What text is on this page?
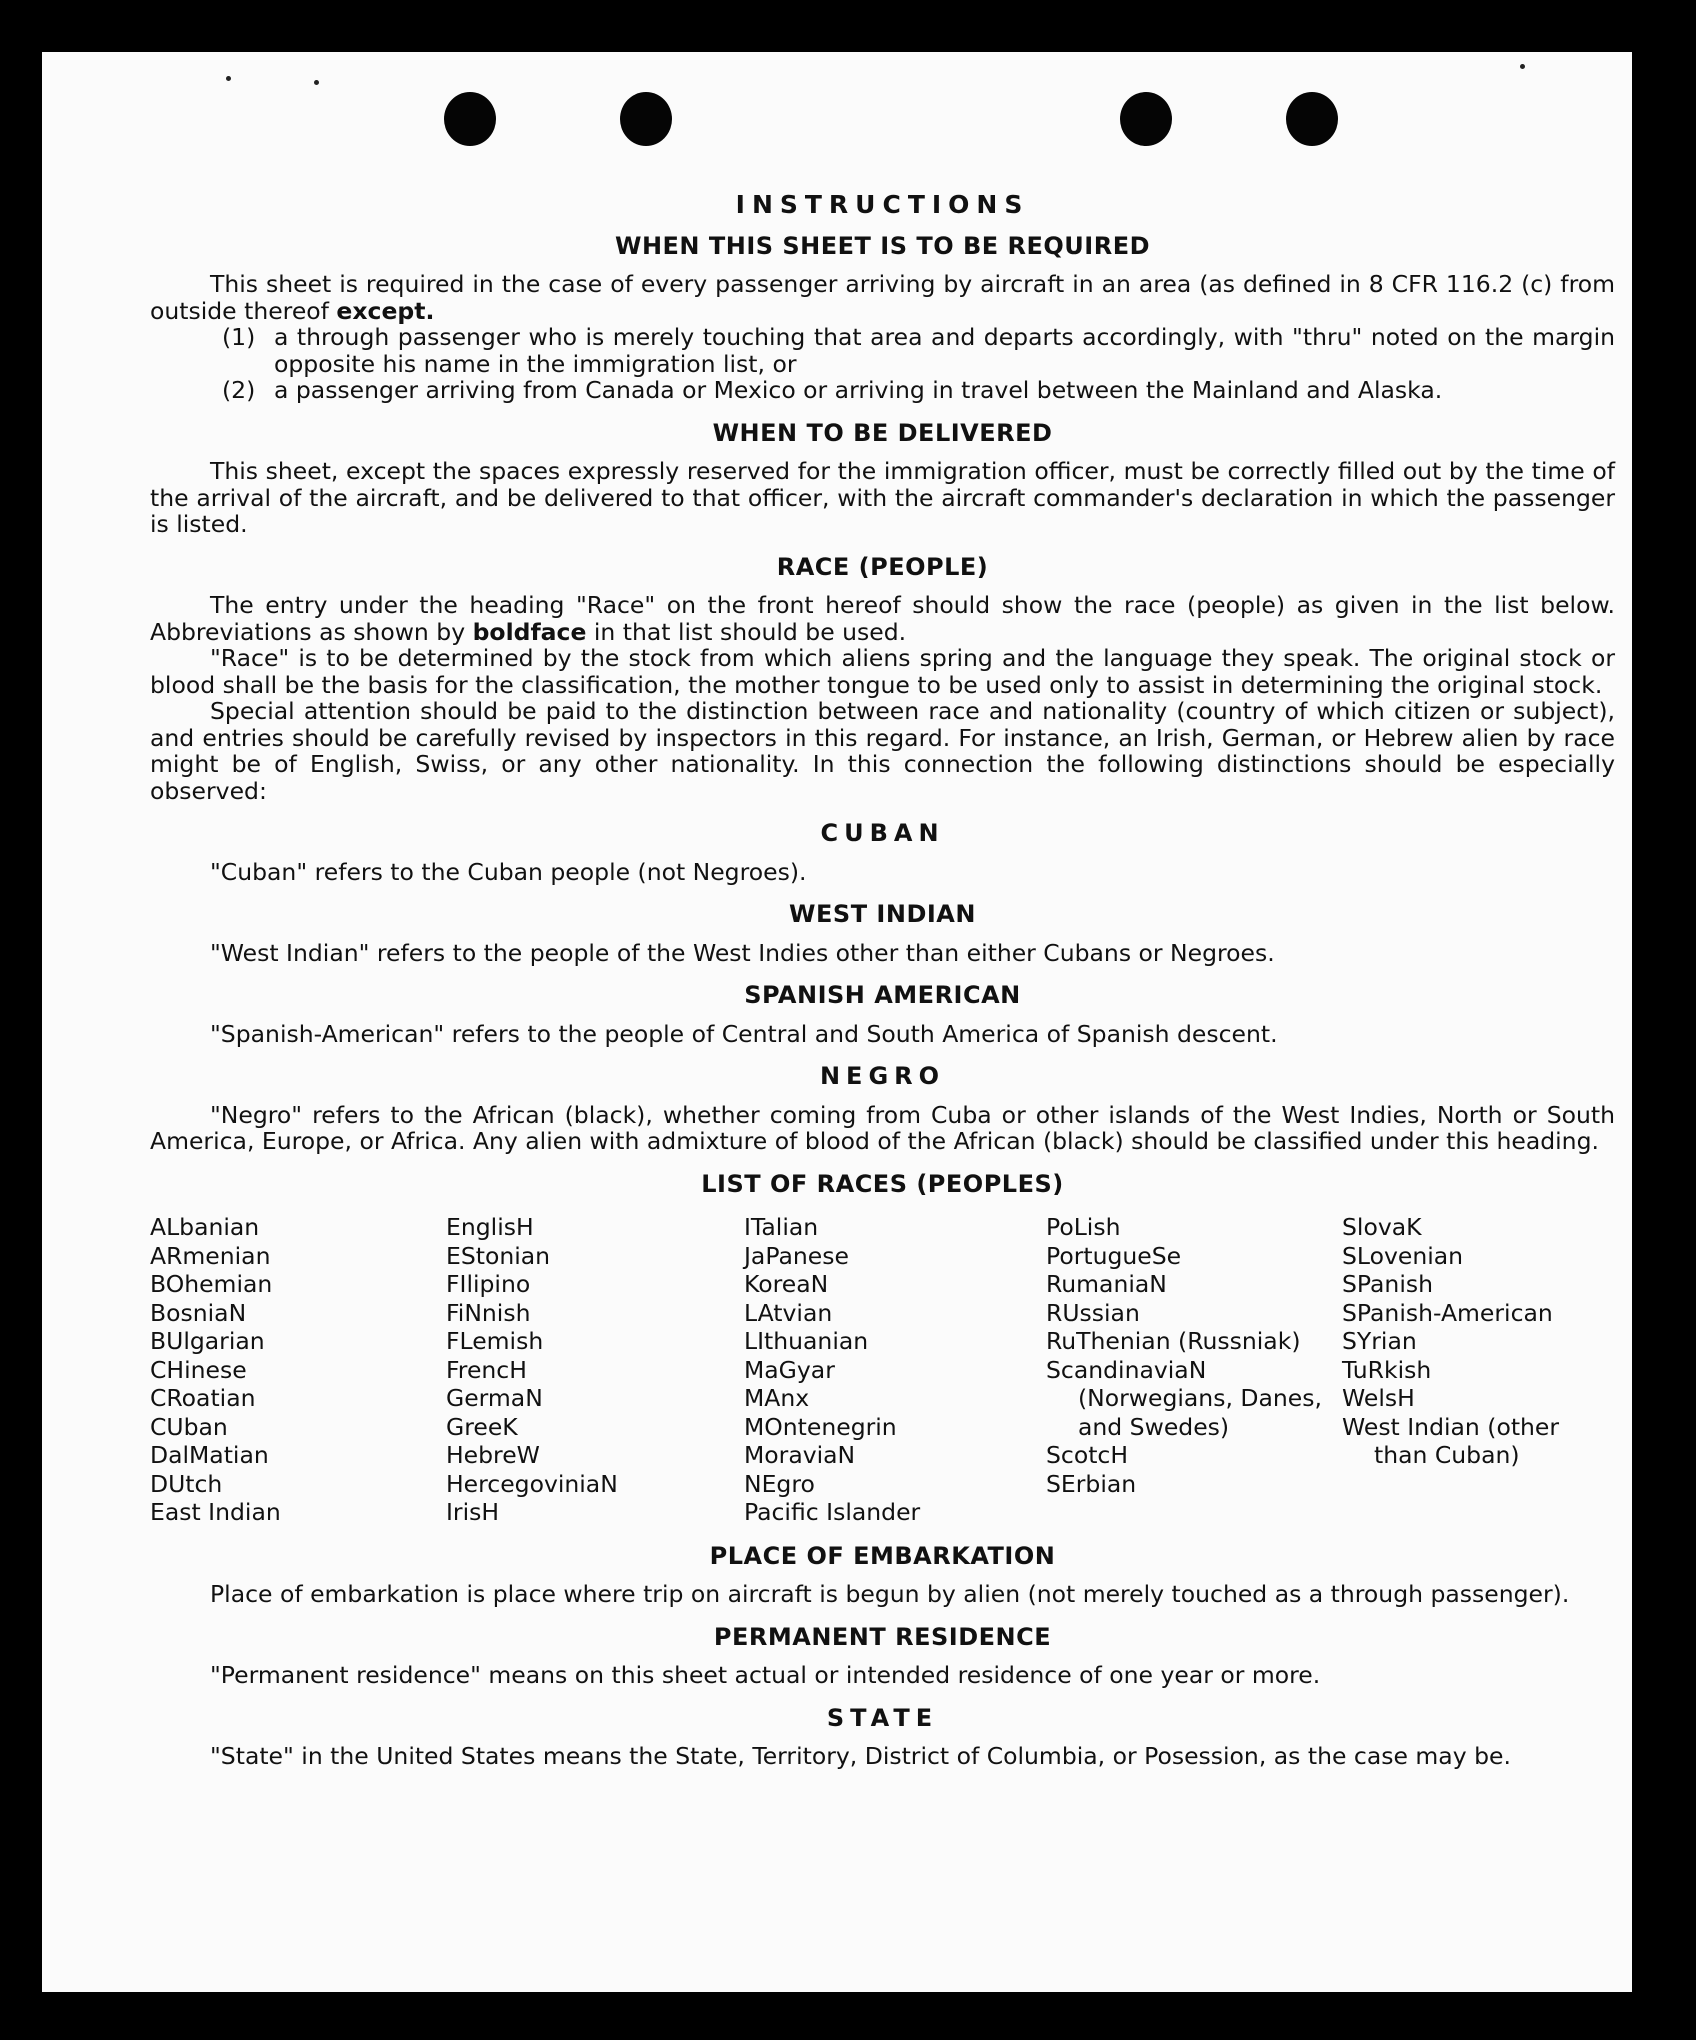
INSTRUCTIONS
WHEN THIS SHEET IS TO BE REQUIRED

This sheet is required in the case of every passenger arriving by aircraft in an area (as defined in 8 CFR 116.2 (c) from outside thereof except.

(1) a through passenger who is merely touching that area and departs accordingly, with "thru" noted on the margin opposite his name in the immigration list, or

(2) a passenger arriving from Canada or Mexico or arriving in travel between the Mainland and Alaska.

WHEN TO BE DELIVERED

This sheet, except the spaces expressly reserved for the immigration officer, must be correctly filled out by the time of the arrival of the aircraft, and be delivered to that officer, with the aircraft commander's declaration in which the passenger is listed.

RACE (PEOPLE)

The entry under the heading "Race" on the front hereof should show the race (people) as given in the list below. Abbreviations as shown by boldface in that list should be used.

"Race" is to be determined by the stock from which aliens spring and the language they speak. The original stock or blood shall be the basis for the classification, the mother tongue to be used only to assist in determining the original stock.

Special attention should be paid to the distinction between race and nationality (country of which citizen or subject), and entries should be carefully revised by inspectors in this regard. For instance, an Irish, German, or Hebrew alien by race might be of English, Swiss, or any other nationality. In this connection the following distinctions should be especially observed:

CUBAN

"Cuban" refers to the Cuban people (not Negroes).

WEST INDIAN

"West Indian" refers to the people of the West Indies other than either Cubans or Negroes.

SPANISH AMERICAN

"Spanish-American" refers to the people of Central and South America of Spanish descent.

NEGRO

"Negro" refers to the African (black), whether coming from Cuba or other islands of the West Indies, North or South America, Europe, or Africa. Any alien with admixture of blood of the African (black) should be classified under this heading.

LIST OF RACES (PEOPLES)
ALbanian
ARmenian
BOhemian
BosniaN
BUlgarian
CHinese
CRoatian
CUban
DalMatian
DUtch
East Indian
EnglisH
EStonian
FIlipino
FiNnish
FLemish
FrencH
GermaN
GreeK
HebreW
HercegoviniaN
IrisH
ITalian
JaPanese
KoreaN
LAtvian
LIthuanian
MaGyar
MAnx
MOntenegrin
MoraviaN
NEgro
Pacific Islander
PoLish
PortugueSe
RumaniaN
RUssian
RuThenian (Russniak)
ScandinaviaN (Norwegians, Danes, and Swedes)
ScotcH
SErbian
SlovaK
SLovenian
SPanish
SPanish-American
SYrian
TuRkish
WelsH
West Indian (other than Cuban)
PLACE OF EMBARKATION

Place of embarkation is place where trip on aircraft is begun by alien (not merely touched as a through passenger).

PERMANENT RESIDENCE

"Permanent residence" means on this sheet actual or intended residence of one year or more.

STATE

"State" in the United States means the State, Territory, District of Columbia, or Posession, as the case may be.
